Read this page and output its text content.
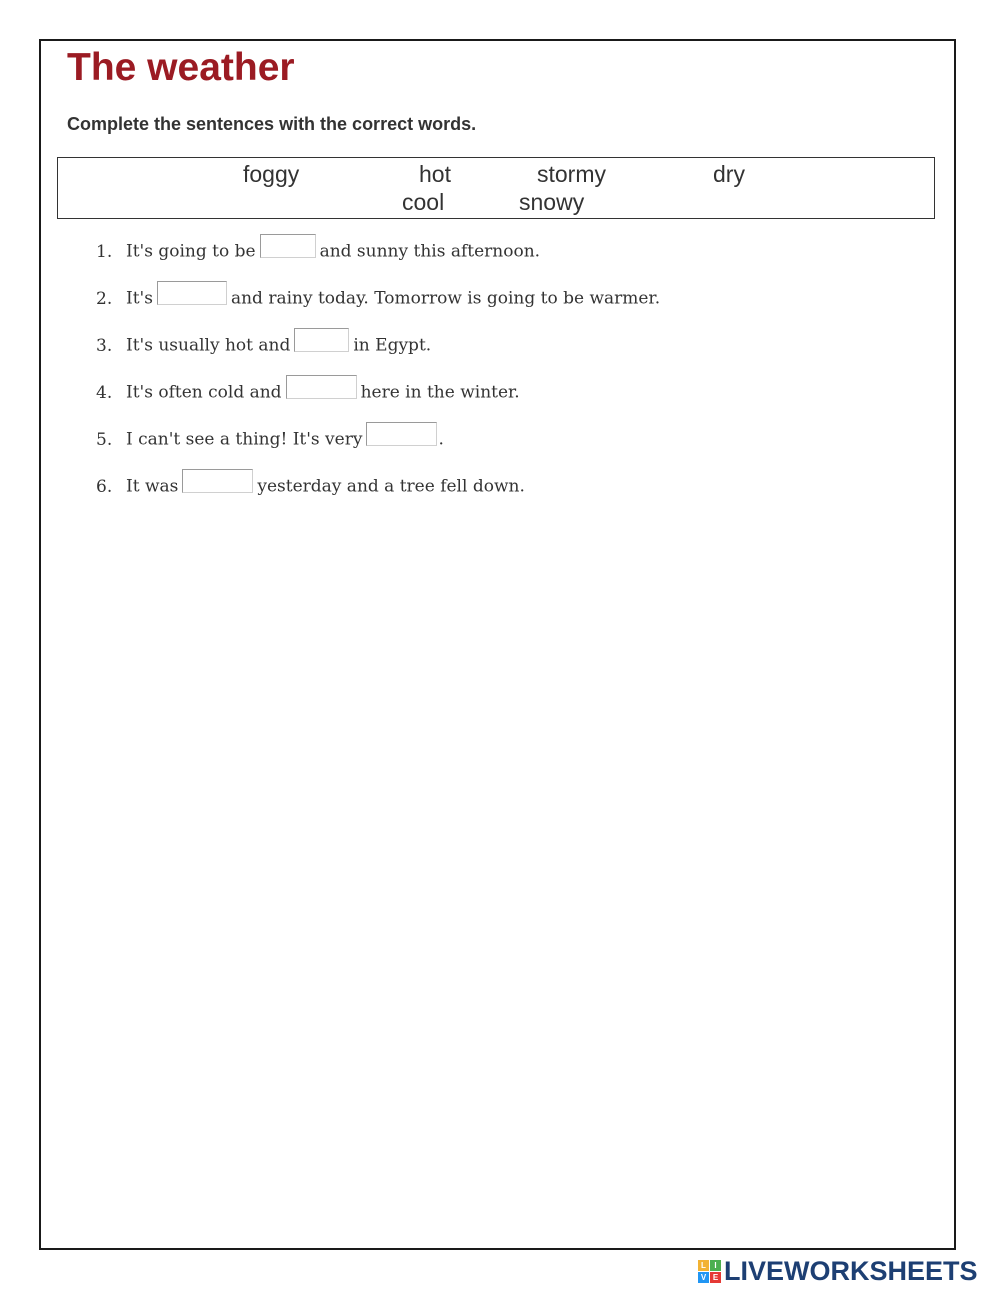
The weather
Complete the sentences with the correct words.
foggy	hot	stormy	dry
cool	snowy
1. It's going to be	and sunny this afternoon.
2. It's	and rainy today. Tomorrow is going to be warmer.
3. It's usually hot and	in Egypt.
4. It's often cold and	here in the winter.
5. I can't see a thing! It's very	.
6. It was	yesterday and a tree fell down.
L	I
V E LIVEWORKSHEETS
